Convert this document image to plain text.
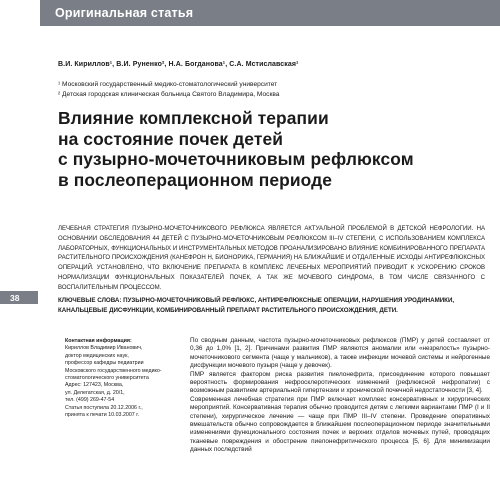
Оригинальная статья
В.И. Кириллов¹, В.И. Руненко², Н.А. Богданова¹, С.А. Мстиславская¹
¹ Московский государственный медико-стоматологический университет
² Детская городская клиническая больница Святого Владимира, Москва
Влияние комплексной терапии
на состояние почек детей
с пузырно-мочеточниковым рефлюксом
в послеоперационном периоде
ЛЕЧЕБНАЯ СТРАТЕГИЯ ПУЗЫРНО-МОЧЕТОЧНИКОВОГО РЕФЛЮКСА ЯВЛЯЕТСЯ АКТУАЛЬНОЙ ПРОБЛЕМОЙ В ДЕТСКОЙ НЕФРОЛОГИИ. НА ОСНОВАНИИ ОБСЛЕДОВАНИЯ 44 ДЕТЕЙ С ПУЗЫРНО-МОЧЕТОЧНИКОВЫМ РЕФЛЮКСОМ III–IV СТЕПЕНИ, С ИСПОЛЬЗОВАНИЕМ КОМПЛЕКСА ЛАБОРАТОРНЫХ, ФУНКЦИОНАЛЬНЫХ И ИНСТРУМЕНТАЛЬНЫХ МЕТОДОВ ПРОАНАЛИЗИРОВАНО ВЛИЯНИЕ КОМБИНИРОВАННОГО ПРЕПАРАТА РАСТИТЕЛЬНОГО ПРОИСХОЖДЕНИЯ (КАНЕФРОН Н, БИОНОРИКА, ГЕРМАНИЯ) НА БЛИЖАЙШИЕ И ОТДАЛЕННЫЕ ИСХОДЫ АНТИРЕФЛЮКСНЫХ ОПЕРАЦИЙ. УСТАНОВЛЕНО, ЧТО ВКЛЮЧЕНИЕ ПРЕПАРАТА В КОМПЛЕКС ЛЕЧЕБНЫХ МЕРОПРИЯТИЙ ПРИВОДИТ К УСКОРЕНИЮ СРОКОВ НОРМАЛИЗАЦИИ ФУНКЦИОНАЛЬНЫХ ПОКАЗАТЕЛЕЙ ПОЧЕК, А ТАК ЖЕ МОЧЕВОГО СИНДРОМА, В ТОМ ЧИСЛЕ СВЯЗАННОГО С ВОСПАЛИТЕЛЬНЫМ ПРОЦЕССОМ.
КЛЮЧЕВЫЕ СЛОВА: ПУЗЫРНО-МОЧЕТОЧНИКОВЫЙ РЕФЛЮКС, АНТИРЕФЛЮКСНЫЕ ОПЕРАЦИИ, НАРУШЕНИЯ УРОДИНАМИКИ, КАНАЛЬЦЕВЫЕ ДИСФУНКЦИИ, КОМБИНИРОВАННЫЙ ПРЕПАРАТ РАСТИТЕЛЬНОГО ПРОИСХОЖДЕНИЯ, ДЕТИ.
38
Контактная информация:
Кириллов Владимир Иванович,
доктор медицинских наук,
профессор кафедры педиатрии
Московского государственного медико-
стоматологического университета
Адрес: 127423, Москва,
ул. Делегатская, д. 20/1,
тел. (499) 269-47-54
Статья поступила 20.12.2006 г.,
принята к печати 10.03.2007 г.

По сводным данным, частота пузырно-мочеточниковых рефлюксов (ПМР) у детей составляет от 0,36 до 1,0% [1, 2]. Причинами развития ПМР являются аномалии или «незрелость» пузырно-мочеточникового сегмента (чаще у мальчиков), а также инфекции мочевой системы и нейрогенные дисфункции мочевого пузыря (чаще у девочек).

ПМР является фактором риска развития пиелонефрита, присоединение которого повышает вероятность формирования нефросклеротических изменений (рефлюксной нефропатии) с возможным развитием артериальной гипертензии и хронической почечной недостаточности [3, 4].

Современная лечебная стратегия при ПМР включает комплекс консервативных и хирургических мероприятий. Консервативная терапия обычно проводится детям с легкими вариантами ПМР (I и II степени), хирургическое лечение — чаще при ПМР III–IV степени. Проведение оперативных вмешательств обычно сопровождается в ближайшем послеоперационном периоде значительными изменениями функционального состояния почек и верхних отделов мочевых путей, проводящих тканевые повреждения и обострение пиелонефритического процесса [5, 6]. Для минимизации данных последствий
